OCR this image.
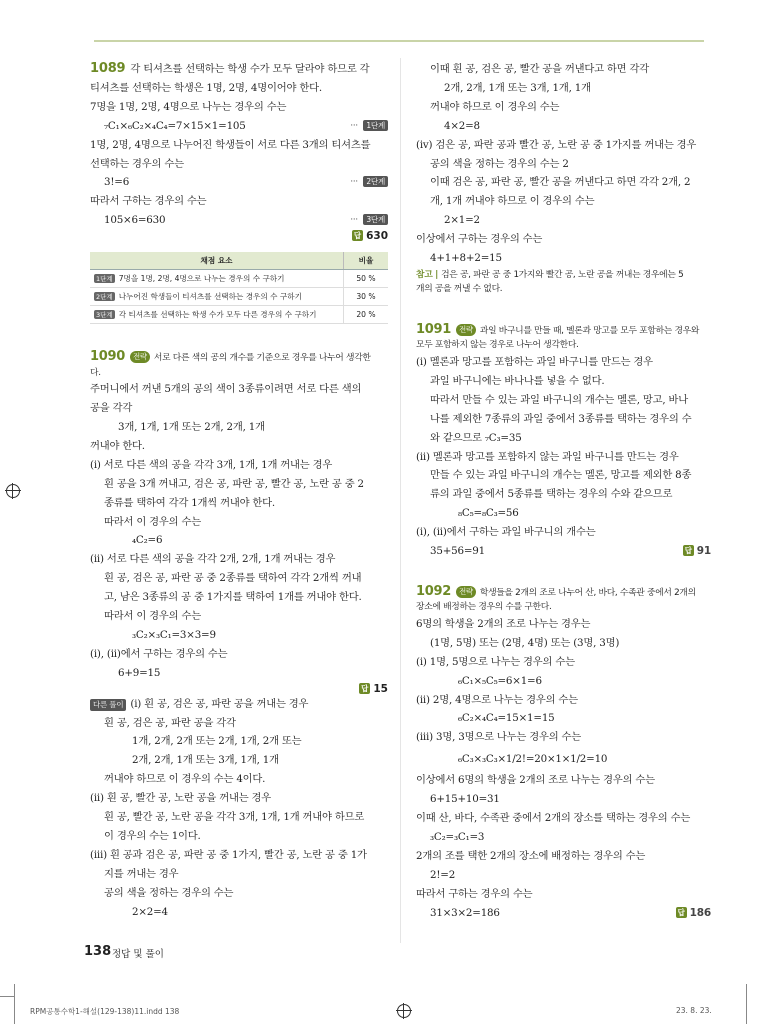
1089 각 티셔츠를 선택하는 학생 수가 모두 달라야 하므로 각
티셔츠를 선택하는 학생은 1명, 2명, 4명이어야 한다.
7명을 1명, 2명, 4명으로 나누는 경우의 수는
₇C₁×₆C₂×₄C₄=7×15×1=105	··· 1단계
1명, 2명, 4명으로 나누어진 학생들이 서로 다른 3개의 티셔츠를
선택하는 경우의 수는
3!=6	··· 2단계
따라서 구하는 경우의 수는
105×6=630	··· 3단계
답 630
채점 요소	비율
1단계 7명을 1명, 2명, 4명으로 나누는 경우의 수 구하기	50 %
2단계 나누어진 학생들이 티셔츠를 선택하는 경우의 수 구하기	30 %
3단계 각 티셔츠를 선택하는 학생 수가 모두 다른 경우의 수 구하기	20 %
1090 전략 서로 다른 색의 공의 개수를 기준으로 경우를 나누어 생각한
다.
주머니에서 꺼낸 5개의 공의 색이 3종류이려면 서로 다른 색의
공을 각각
3개, 1개, 1개 또는 2개, 2개, 1개
꺼내야 한다.
(i) 서로 다른 색의 공을 각각 3개, 1개, 1개 꺼내는 경우
흰 공을 3개 꺼내고, 검은 공, 파란 공, 빨간 공, 노란 공 중 2
종류를 택하여 각각 1개씩 꺼내야 한다.
따라서 이 경우의 수는
₄C₂=6
(ii) 서로 다른 색의 공을 각각 2개, 2개, 1개 꺼내는 경우
흰 공, 검은 공, 파란 공 중 2종류를 택하여 각각 2개씩 꺼내
고, 남은 3종류의 공 중 1가지를 택하여 1개를 꺼내야 한다.
따라서 이 경우의 수는
₃C₂×₃C₁=3×3=9
(i), (ii)에서 구하는 경우의 수는
6+9=15
답 15
다른 풀이 (i) 흰 공, 검은 공, 파란 공을 꺼내는 경우
흰 공, 검은 공, 파란 공을 각각
1개, 2개, 2개 또는 2개, 1개, 2개 또는
2개, 2개, 1개 또는 3개, 1개, 1개
꺼내야 하므로 이 경우의 수는 4이다.
(ii) 흰 공, 빨간 공, 노란 공을 꺼내는 경우
흰 공, 빨간 공, 노란 공을 각각 3개, 1개, 1개 꺼내야 하므로
이 경우의 수는 1이다.
(iii) 흰 공과 검은 공, 파란 공 중 1가지, 빨간 공, 노란 공 중 1가
지를 꺼내는 경우
공의 색을 정하는 경우의 수는
2×2=4
이때 흰 공, 검은 공, 빨간 공을 꺼낸다고 하면 각각
2개, 2개, 1개 또는 3개, 1개, 1개
꺼내야 하므로 이 경우의 수는
4×2=8
(iv) 검은 공, 파란 공과 빨간 공, 노란 공 중 1가지를 꺼내는 경우
공의 색을 정하는 경우의 수는 2
이때 검은 공, 파란 공, 빨간 공을 꺼낸다고 하면 각각 2개, 2
개, 1개 꺼내야 하므로 이 경우의 수는
2×1=2
이상에서 구하는 경우의 수는
4+1+8+2=15
참고 | 검은 공, 파란 공 중 1가지와 빨간 공, 노란 공을 꺼내는 경우에는 5
개의 공을 꺼낼 수 없다.
1091 전략 과일 바구니를 만들 때, 멜론과 망고를 모두 포함하는 경우와
모두 포함하지 않는 경우로 나누어 생각한다.
(i) 멜론과 망고를 포함하는 과일 바구니를 만드는 경우
과일 바구니에는 바나나를 넣을 수 없다.
따라서 만들 수 있는 과일 바구니의 개수는 멜론, 망고, 바나
나를 제외한 7종류의 과일 중에서 3종류를 택하는 경우의 수
와 같으므로 ₇C₃=35
(ii) 멜론과 망고를 포함하지 않는 과일 바구니를 만드는 경우
만들 수 있는 과일 바구니의 개수는 멜론, 망고를 제외한 8종
류의 과일 중에서 5종류를 택하는 경우의 수와 같으므로
₈C₅=₈C₃=56
(i), (ii)에서 구하는 과일 바구니의 개수는
35+56=91	답 91
1092 전략 학생들을 2개의 조로 나누어 산, 바다, 수족관 중에서 2개의
장소에 배정하는 경우의 수를 구한다.
6명의 학생을 2개의 조로 나누는 경우는
(1명, 5명) 또는 (2명, 4명) 또는 (3명, 3명)
(i) 1명, 5명으로 나누는 경우의 수는
₆C₁×₅C₅=6×1=6
(ii) 2명, 4명으로 나누는 경우의 수는
₆C₂×₄C₄=15×1=15
(iii) 3명, 3명으로 나누는 경우의 수는
₆C₃×₃C₃×1/2!=20×1×1/2=10
이상에서 6명의 학생을 2개의 조로 나누는 경우의 수는
6+15+10=31
이때 산, 바다, 수족관 중에서 2개의 장소를 택하는 경우의 수는
₃C₂=₃C₁=3
2개의 조를 택한 2개의 장소에 배정하는 경우의 수는
2!=2
따라서 구하는 경우의 수는
31×3×2=186	답 186
138 정답 및 풀이
RPM공통수학1-해설(129-138)11.indd 138	23. 8. 23.
